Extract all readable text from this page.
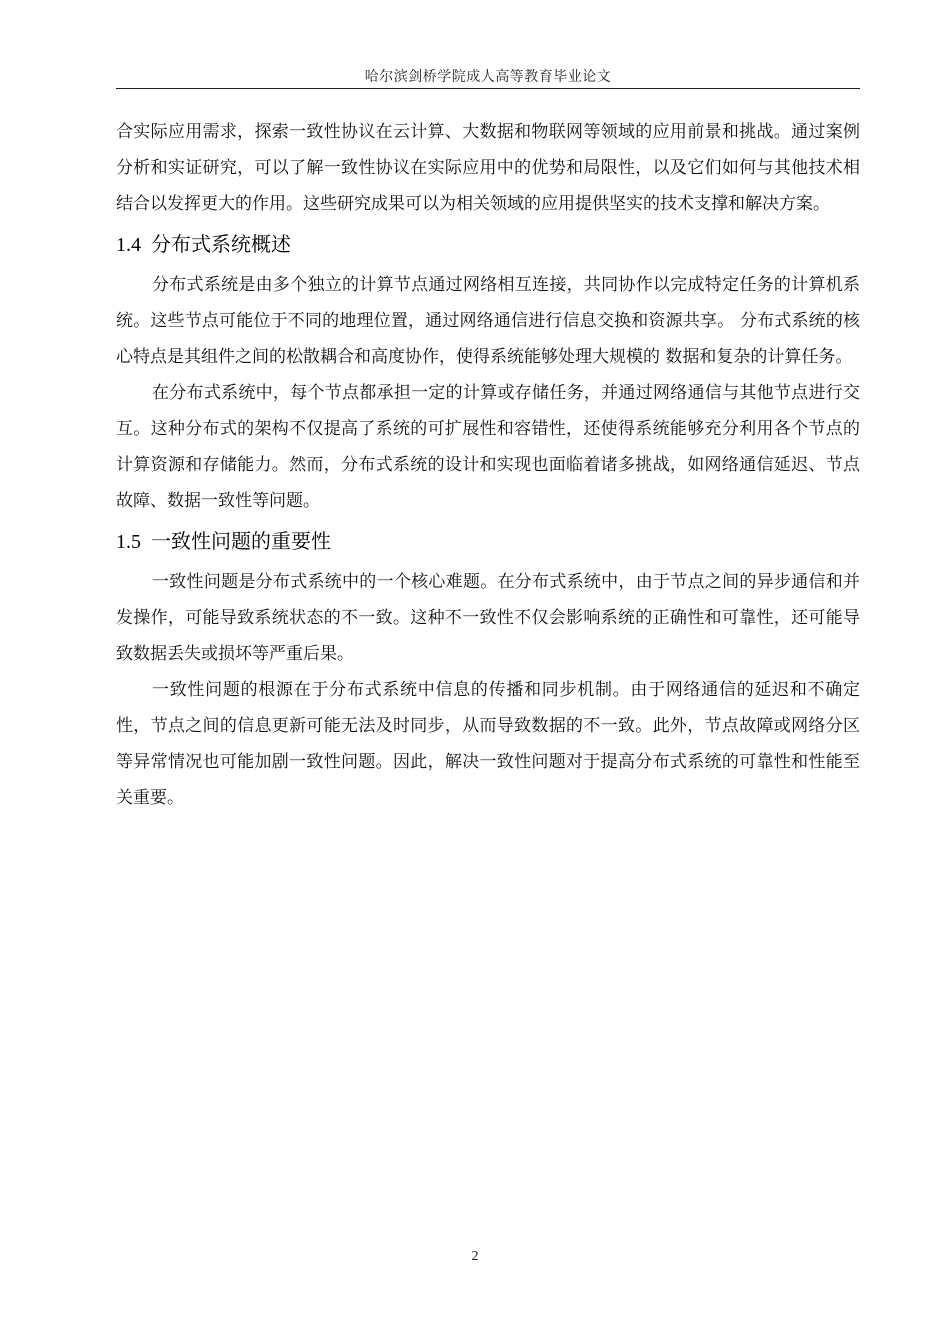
哈尔滨剑桥学院成人高等教育毕业论文

合实际应用需求，探索一致性协议在云计算、大数据和物联网等领域的应用前景和挑战。通过案例分析和实证研究，可以了解一致性协议在实际应用中的优势和局限性，以及它们如何与其他技术相结合以发挥更大的作用。这些研究成果可以为相关领域的应用提供坚实的技术支撑和解决方案。

1.4 分布式系统概述

分布式系统是由多个独立的计算节点通过网络相互连接，共同协作以完成特定任务的计算机系统。这些节点可能位于不同的地理位置，通过网络通信进行信息交换和资源共享。 分布式系统的核心特点是其组件之间的松散耦合和高度协作，使得系统能够处理大规模的 数据和复杂的计算任务。

在分布式系统中，每个节点都承担一定的计算或存储任务，并通过网络通信与其他节点进行交互。这种分布式的架构不仅提高了系统的可扩展性和容错性，还使得系统能够充分利用各个节点的计算资源和存储能力。然而，分布式系统的设计和实现也面临着诸多挑战，如网络通信延迟、节点故障、数据一致性等问题。

1.5 一致性问题的重要性

一致性问题是分布式系统中的一个核心难题。在分布式系统中，由于节点之间的异步通信和并发操作，可能导致系统状态的不一致。这种不一致性不仅会影响系统的正确性和可靠性，还可能导致数据丢失或损坏等严重后果。

一致性问题的根源在于分布式系统中信息的传播和同步机制。由于网络通信的延迟和不确定性，节点之间的信息更新可能无法及时同步，从而导致数据的不一致。此外，节点故障或网络分区等异常情况也可能加剧一致性问题。因此，解决一致性问题对于提高分布式系统的可靠性和性能至关重要。

2
